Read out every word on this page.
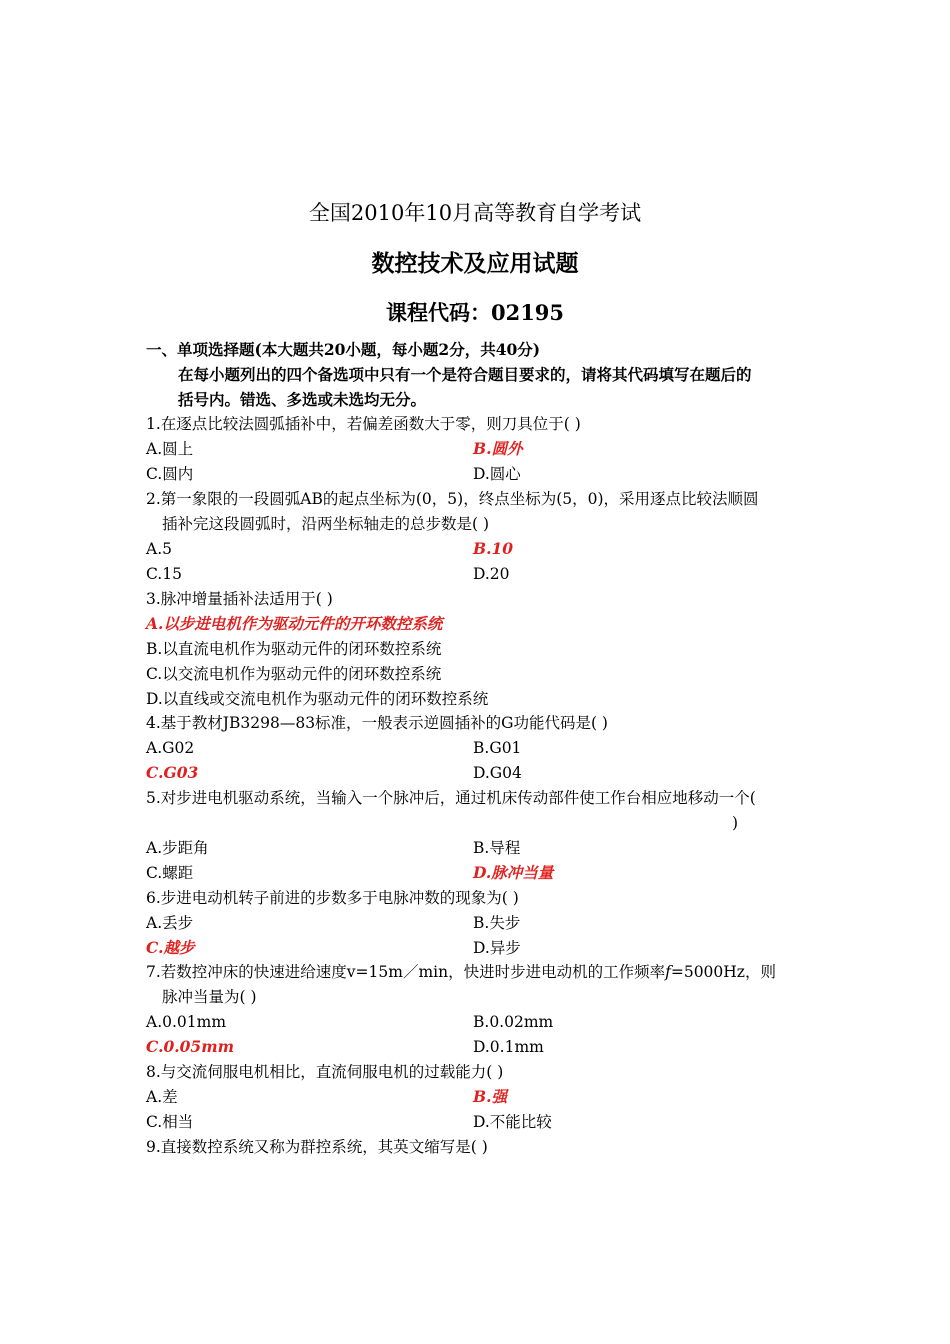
全国2010年10月高等教育自学考试
数控技术及应用试题
课程代码：02195
一、单项选择题(本大题共20小题，每小题2分，共40分)
在每小题列出的四个备选项中只有一个是符合题目要求的，请将其代码填写在题后的
括号内。错选、多选或未选均无分。
1.在逐点比较法圆弧插补中，若偏差函数大于零，则刀具位于( )
A.圆上	B.圆外
C.圆内	D.圆心
2.第一象限的一段圆弧AB的起点坐标为(0，5)，终点坐标为(5，0)，采用逐点比较法顺圆
插补完这段圆弧时，沿两坐标轴走的总步数是( )
A.5	B.10
C.15	D.20
3.脉冲增量插补法适用于( )
A.以步进电机作为驱动元件的开环数控系统
B.以直流电机作为驱动元件的闭环数控系统
C.以交流电机作为驱动元件的闭环数控系统
D.以直线或交流电机作为驱动元件的闭环数控系统
4.基于教材JB3298—83标准，一般表示逆圆插补的G功能代码是( )
A.G02	B.G01
C.G03	D.G04
5.对步进电机驱动系统，当输入一个脉冲后，通过机床传动部件使工作台相应地移动一个(
)
A.步距角	B.导程
C.螺距	D.脉冲当量
6.步进电动机转子前进的步数多于电脉冲数的现象为( )
A.丢步	B.失步
C.越步	D.异步
7.若数控冲床的快速进给速度v=15m／min，快进时步进电动机的工作频率f=5000Hz，则
脉冲当量为( )
A.0.01mm	B.0.02mm
C.0.05mm	D.0.1mm
8.与交流伺服电机相比，直流伺服电机的过载能力( )
A.差	B.强
C.相当	D.不能比较
9.直接数控系统又称为群控系统，其英文缩写是( )
